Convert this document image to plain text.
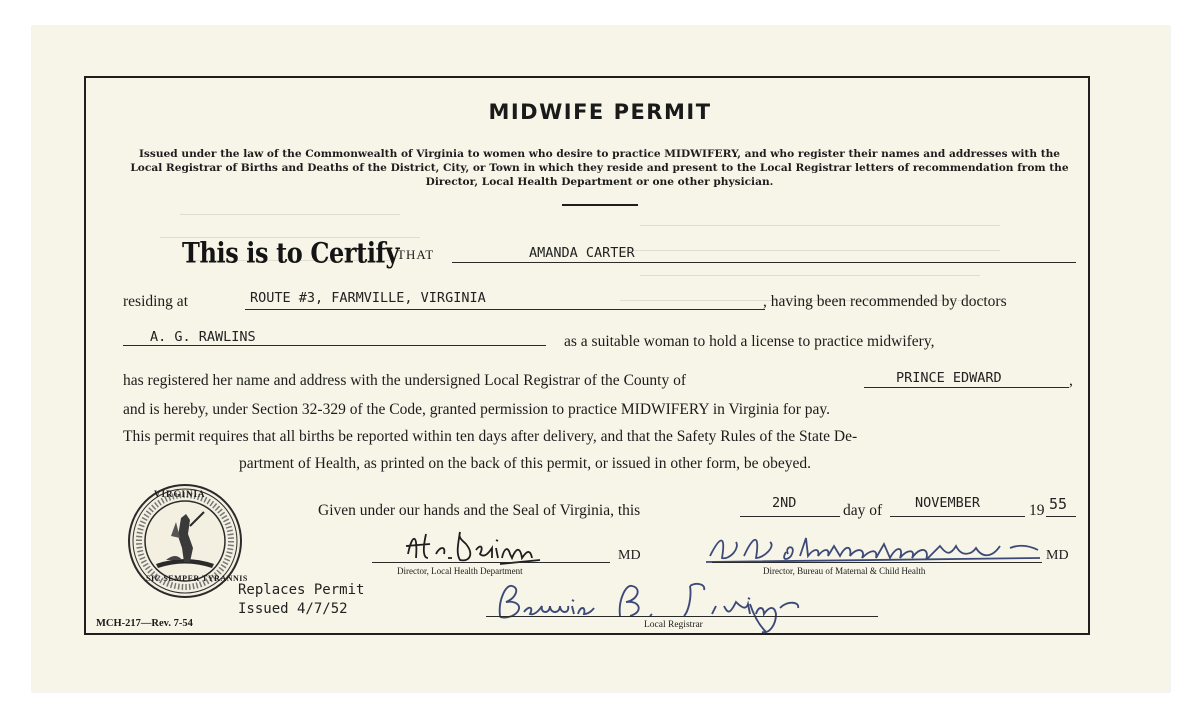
MIDWIFE PERMIT
Issued under the law of the Commonwealth of Virginia to women who desire to practice MIDWIFERY, and who register their names and addresses with the Local Registrar of Births and Deaths of the District, City, or Town in which they reside and present to the Local Registrar letters of recommendation from the Director, Local Health Department or one other physician.
This is to Certify
THAT	AMANDA CARTER
residing at	ROUTE #3, FARMVILLE, VIRGINIA	, having been recommended by doctors
A. G. RAWLINS	as a suitable woman to hold a license to practice midwifery,
has registered her name and address with the undersigned Local Registrar of the County of	PRINCE EDWARD	,
and is hereby, under Section 32-329 of the Code, granted permission to practice MIDWIFERY in Virginia for pay.
This permit requires that all births be reported within ten days after delivery, and that the Safety Rules of the State De-
partment of Health, as printed on the back of this permit, or issued in other form, be obeyed.
VIRGINIA
SIC SEMPER TYRANNIS
Given under our hands and the Seal of Virginia, this	2ND	day of NOVEMBER	19 55
MD
Director, Local Health Department
MD
Director, Bureau of Maternal & Child Health
Replaces Permit
Issued 4/7/52
Local Registrar
MCH-217—Rev. 7-54
